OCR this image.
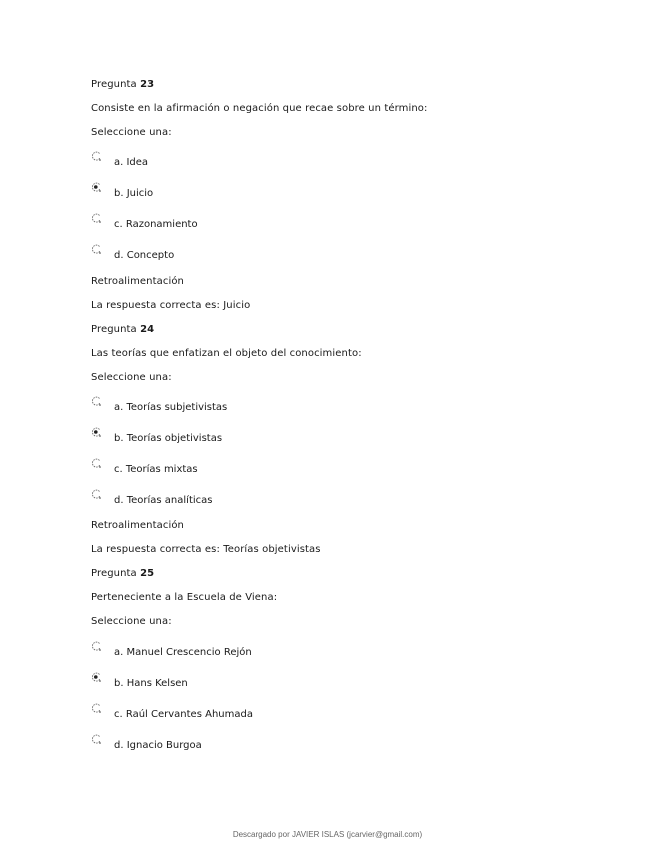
Pregunta 23
Consiste en la afirmación o negación que recae sobre un término:
Seleccione una:
a. Idea
b. Juicio
c. Razonamiento
d. Concepto
Retroalimentación
La respuesta correcta es: Juicio
Pregunta 24
Las teorías que enfatizan el objeto del conocimiento:
Seleccione una:
a. Teorías subjetivistas
b. Teorías objetivistas
c. Teorías mixtas
d. Teorías analíticas
Retroalimentación
La respuesta correcta es: Teorías objetivistas
Pregunta 25
Perteneciente a la Escuela de Viena:
Seleccione una:
a. Manuel Crescencio Rejón
b. Hans Kelsen
c. Raúl Cervantes Ahumada
d. Ignacio Burgoa
Descargado por JAVIER ISLAS (jcarvier@gmail.com)
